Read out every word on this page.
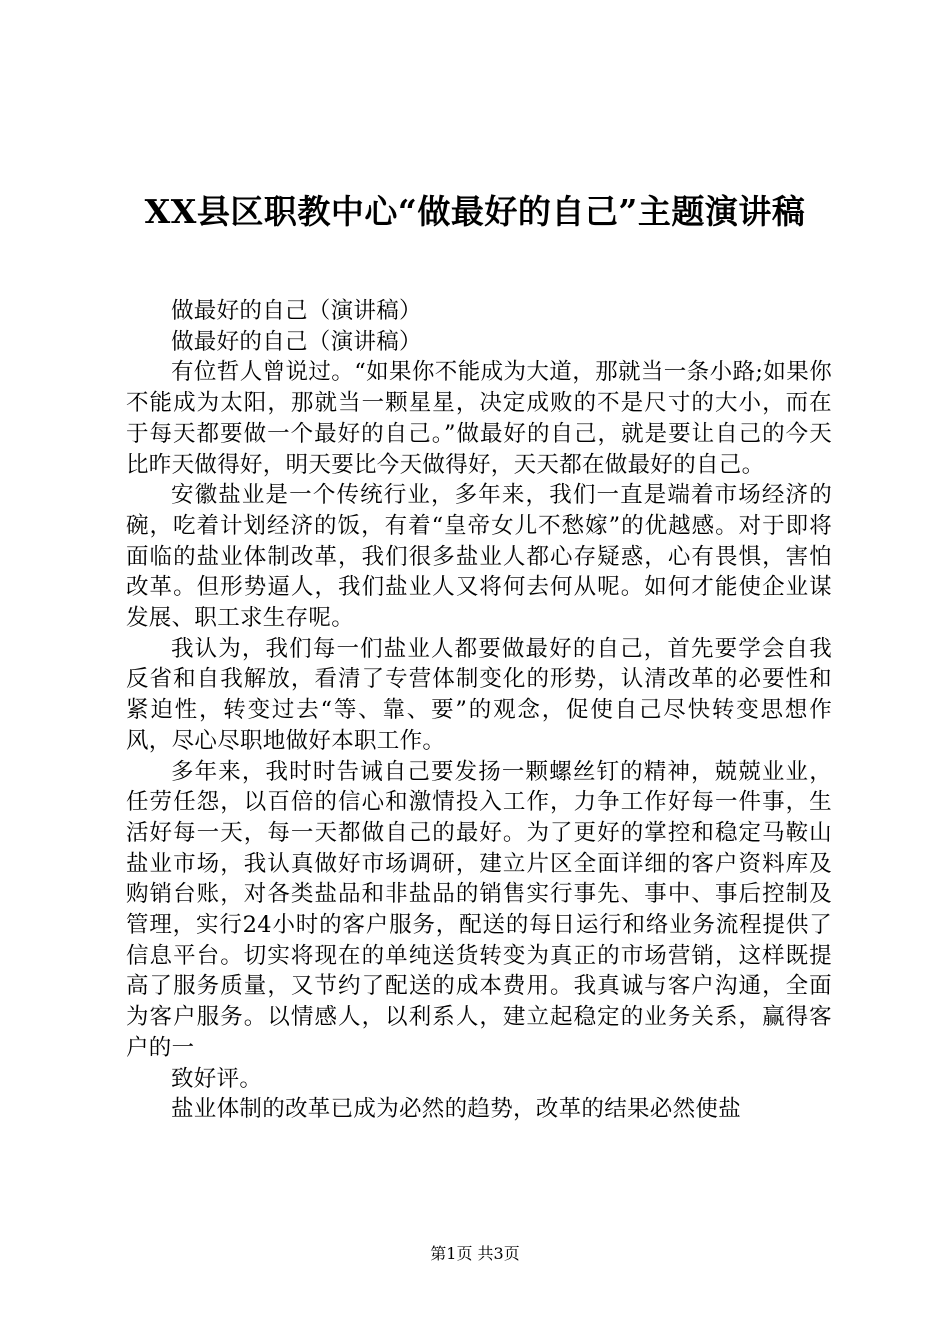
XX县区职教中心“做最好的自己”主题演讲稿

做最好的自己（演讲稿）

做最好的自己（演讲稿）

有位哲人曾说过。“如果你不能成为大道，那就当一条小路;如果你不能成为太阳，那就当一颗星星，决定成败的不是尺寸的大小，而在于每天都要做一个最好的自己。”做最好的自己，就是要让自己的今天比昨天做得好，明天要比今天做得好，天天都在做最好的自己。

安徽盐业是一个传统行业，多年来，我们一直是端着市场经济的碗，吃着计划经济的饭，有着“皇帝女儿不愁嫁”的优越感。对于即将面临的盐业体制改革，我们很多盐业人都心存疑惑，心有畏惧，害怕改革。但形势逼人，我们盐业人又将何去何从呢。如何才能使企业谋发展、职工求生存呢。

我认为，我们每一们盐业人都要做最好的自己，首先要学会自我反省和自我解放，看清了专营体制变化的形势，认清改革的必要性和紧迫性，转变过去“等、靠、要”的观念，促使自己尽快转变思想作风，尽心尽职地做好本职工作。

多年来，我时时告诫自己要发扬一颗螺丝钉的精神，兢兢业业，任劳任怨，以百倍的信心和激情投入工作，力争工作好每一件事，生活好每一天，每一天都做自己的最好。为了更好的掌控和稳定马鞍山盐业市场，我认真做好市场调研，建立片区全面详细的客户资料库及购销台账，对各类盐品和非盐品的销售实行事先、事中、事后控制及管理，实行24小时的客户服务，配送的每日运行和络业务流程提供了信息平台。切实将现在的单纯送货转变为真正的市场营销，这样既提高了服务质量，又节约了配送的成本费用。我真诚与客户沟通，全面为客户服务。以情感人，以利系人，建立起稳定的业务关系，赢得客户的一

致好评。

盐业体制的改革已成为必然的趋势，改革的结果必然使盐

第1页 共3页
